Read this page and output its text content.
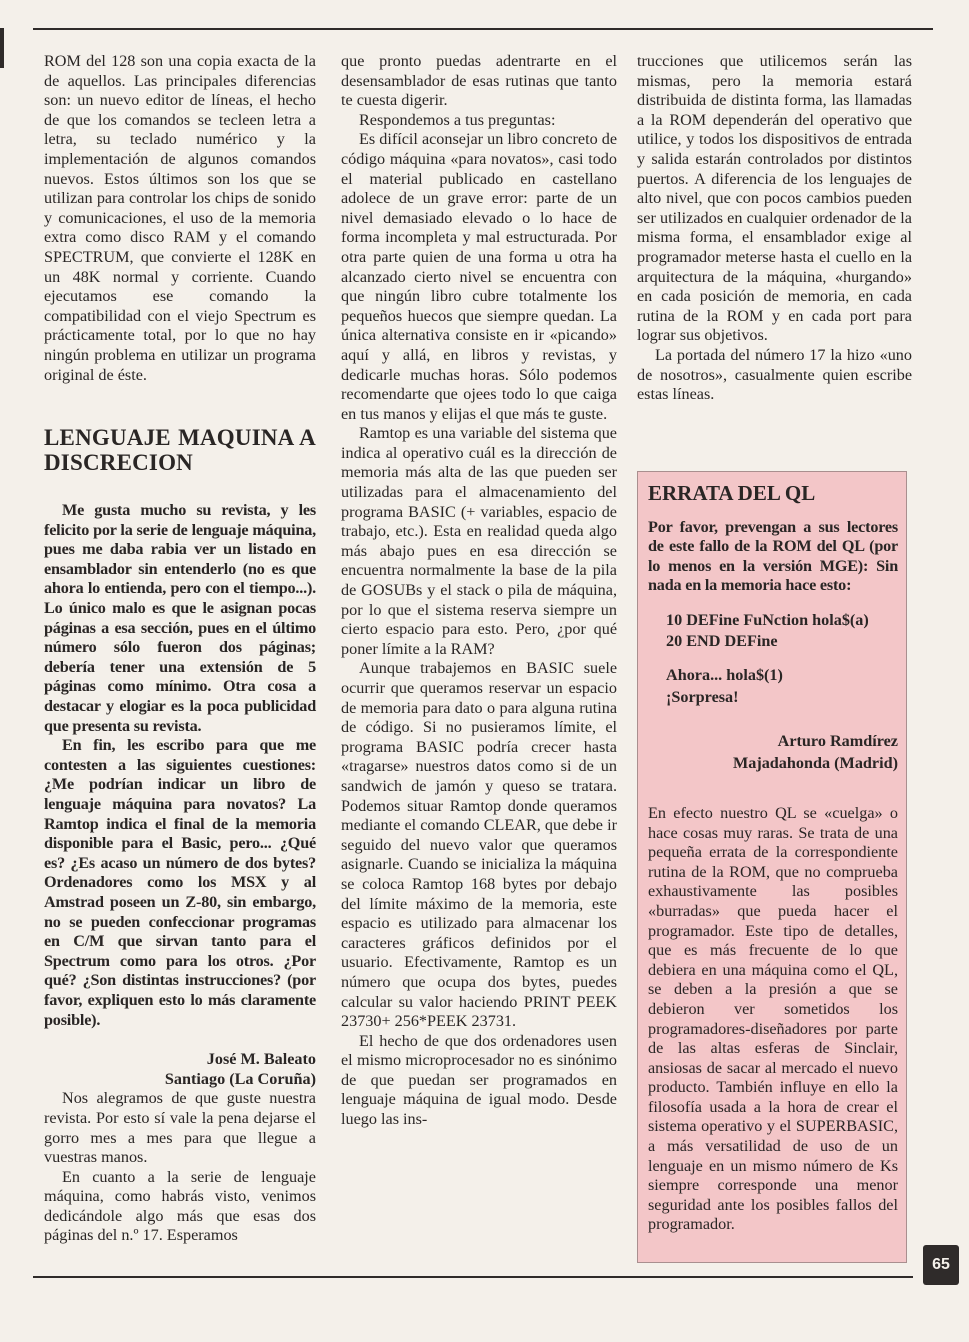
ROM del 128 son una copia exacta de la de aquellos. Las principales diferencias son: un nuevo editor de líneas, el hecho de que los comandos se tecleen letra a letra, su teclado numérico y la implementación de algunos comandos nuevos. Estos últimos son los que se utilizan para controlar los chips de sonido y comunicaciones, el uso de la memoria extra como disco RAM y el comando SPECTRUM, que convierte el 128K en un 48K normal y corriente. Cuando ejecutamos ese comando la compatibilidad con el viejo Spectrum es prácticamente total, por lo que no hay ningún problema en utilizar un programa original de éste.

LENGUAJE MAQUINA A DISCRECION

Me gusta mucho su revista, y les felicito por la serie de lenguaje máquina, pues me daba rabia ver un listado en ensamblador sin entenderlo (no es que ahora lo entienda, pero con el tiempo...). Lo único malo es que le asignan pocas páginas a esa sección, pues en el último número sólo fueron dos páginas; debería tener una extensión de 5 páginas como mínimo. Otra cosa a destacar y elogiar es la poca publicidad que presenta su revista.

En fin, les escribo para que me contesten a las siguientes cuestiones: ¿Me podrían indicar un libro de lenguaje máquina para novatos? La Ramtop indica el final de la memoria disponible para el Basic, pero... ¿Qué es? ¿Es acaso un número de dos bytes? Ordenadores como los MSX y al Amstrad poseen un Z-80, sin embargo, no se pueden confeccionar programas en C/M que sirvan tanto para el Spectrum como para los otros. ¿Por qué? ¿Son distintas instrucciones? (por favor, expliquen esto lo más claramente posible).

José M. Baleato
Santiago (La Coruña)

Nos alegramos de que guste nuestra revista. Por esto sí vale la pena dejarse el gorro mes a mes para que llegue a vuestras manos.

En cuanto a la serie de lenguaje máquina, como habrás visto, venimos dedicándole algo más que esas dos páginas del n.º 17. Esperamos

que pronto puedas adentrarte en el desensamblador de esas rutinas que tanto te cuesta digerir.

Respondemos a tus preguntas:

Es difícil aconsejar un libro concreto de código máquina «para novatos», casi todo el material publicado en castellano adolece de un grave error: parte de un nivel demasiado elevado o lo hace de forma incompleta y mal estructurada. Por otra parte quien de una forma u otra ha alcanzado cierto nivel se encuentra con que ningún libro cubre totalmente los pequeños huecos que siempre quedan. La única alternativa consiste en ir «picando» aquí y allá, en libros y revistas, y dedicarle muchas horas. Sólo podemos recomendarte que ojees todo lo que caiga en tus manos y elijas el que más te guste.

Ramtop es una variable del sistema que indica al operativo cuál es la dirección de memoria más alta de las que pueden ser utilizadas para el almacenamiento del programa BASIC (+ variables, espacio de trabajo, etc.). Esta en realidad queda algo más abajo pues en esa dirección se encuentra normalmente la base de la pila de GOSUBs y el stack o pila de máquina, por lo que el sistema reserva siempre un cierto espacio para esto. Pero, ¿por qué poner límite a la RAM?

Aunque trabajemos en BASIC suele ocurrir que queramos reservar un espacio de memoria para dato o para alguna rutina de código. Si no pusieramos límite, el programa BASIC podría crecer hasta «tragarse» nuestros datos como si de un sandwich de jamón y queso se tratara. Podemos situar Ramtop donde queramos mediante el comando CLEAR, que debe ir seguido del nuevo valor que queramos asignarle. Cuando se inicializa la máquina se coloca Ramtop 168 bytes por debajo del límite máximo de la memoria, este espacio es utilizado para almacenar los caracteres gráficos definidos por el usuario. Efectivamente, Ramtop es un número que ocupa dos bytes, puedes calcular su valor haciendo PRINT PEEK 23730+ 256*PEEK 23731.

El hecho de que dos ordenadores usen el mismo microprocesador no es sinónimo de que puedan ser programados en lenguaje máquina de igual modo. Desde luego las ins-

trucciones que utilicemos serán las mismas, pero la memoria estará distribuida de distinta forma, las llamadas a la ROM dependerán del operativo que utilice, y todos los dispositivos de entrada y salida estarán controlados por distintos puertos. A diferencia de los lenguajes de alto nivel, que con pocos cambios pueden ser utilizados en cualquier ordenador de la misma forma, el ensamblador exige al programador meterse hasta el cuello en la arquitectura de la máquina, «hurgando» en cada posición de memoria, en cada rutina de la ROM y en cada port para lograr sus objetivos.

La portada del número 17 la hizo «uno de nosotros», casualmente quien escribe estas líneas.

ERRATA DEL QL

Por favor, prevengan a sus lectores de este fallo de la ROM del QL (por lo menos en la versión MGE): Sin nada en la memoria hace esto:

10 DEFine FuNction hola$(a)
20 END DEFine
Ahora... hola$(1)
¡Sorpresa!
Arturo Ramdírez
Majadahonda (Madrid)

En efecto nuestro QL se «cuelga» o hace cosas muy raras. Se trata de una pequeña errata de la correspondiente rutina de la ROM, que no comprueba exhaustivamente las posibles «burradas» que pueda hacer el programador. Este tipo de detalles, que es más frecuente de lo que debiera en una máquina como el QL, se deben a la presión a que se debieron ver sometidos los programadores-diseñadores por parte de las altas esferas de Sinclair, ansiosas de sacar al mercado el nuevo producto. También influye en ello la filosofía usada a la hora de crear el sistema operativo y el SUPERBASIC, a más versatilidad de uso de un lenguaje en un mismo número de Ks siempre corresponde una menor seguridad ante los posibles fallos del programador.

65
